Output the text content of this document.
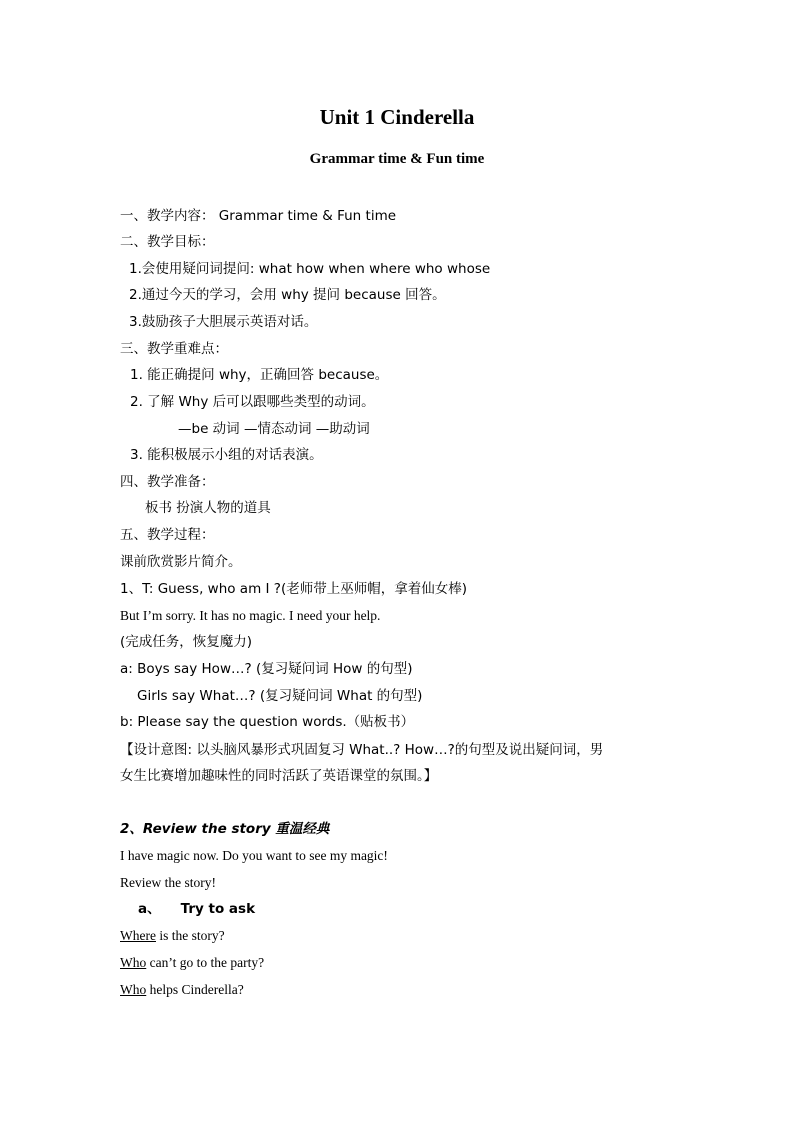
Unit 1 Cinderella
Grammar time & Fun time
一、教学内容： Grammar time & Fun time
二、教学目标：
1.会使用疑问词提问: what how when where who whose
2.通过今天的学习，会用 why 提问 because 回答。
3.鼓励孩子大胆展示英语对话。
三、教学重难点：
1. 能正确提问 why，正确回答 because。
2. 了解 Why 后可以跟哪些类型的动词。
—be 动词 —情态动词 —助动词
3. 能积极展示小组的对话表演。
四、教学准备：
板书 扮演人物的道具
五、教学过程：
课前欣赏影片简介。
1、T: Guess, who am I ?(老师带上巫师帽，拿着仙女棒)
But I’m sorry. It has no magic. I need your help.
(完成任务，恢复魔力)
a: Boys say How…? (复习疑问词 How 的句型)
Girls say What…? (复习疑问词 What 的句型)
b: Please say the question words.（贴板书）
【设计意图: 以头脑风暴形式巩固复习 What..? How…?的句型及说出疑问词，男
女生比赛增加趣味性的同时活跃了英语课堂的氛围。】
2、Review the story 重温经典
I have magic now. Do you want to see my magic!
Review the story!
a、 Try to ask
Where is the story?
Who can’t go to the party?
Who helps Cinderella?
